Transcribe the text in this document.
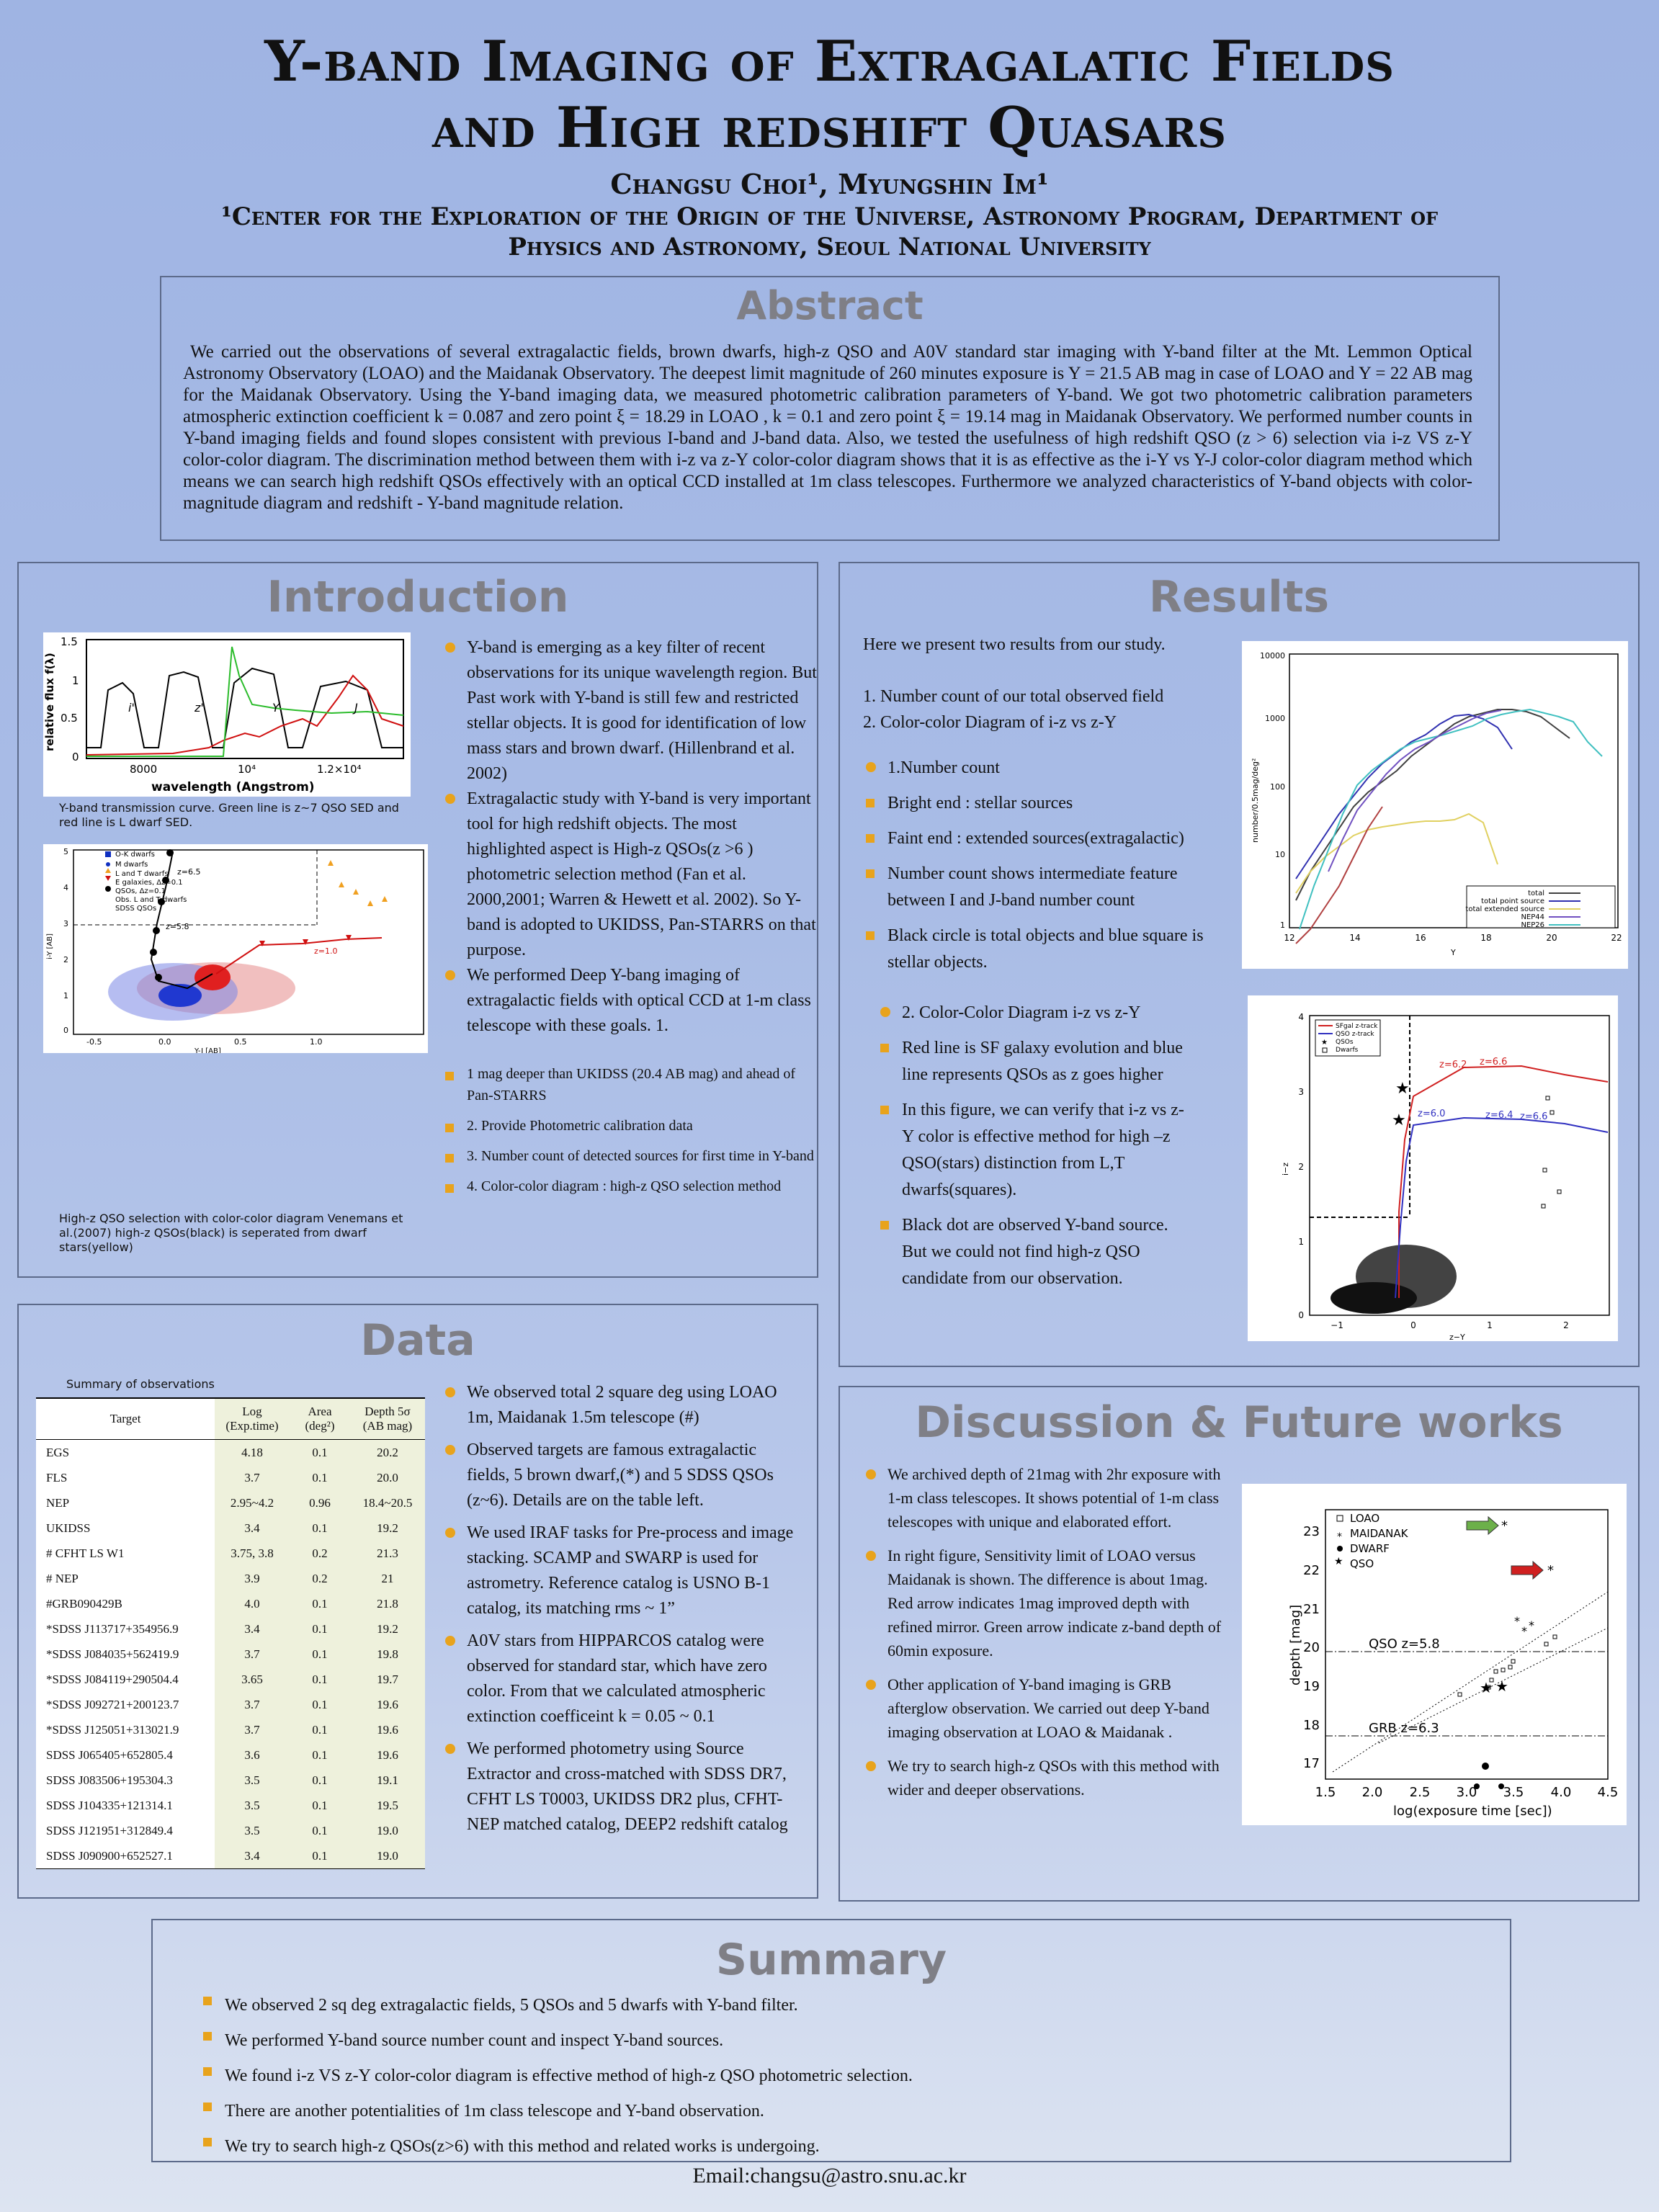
Y-band Imaging of Extragalatic Fields
and High redshift Quasars
Changsu Choi¹, Myungshin Im¹
¹Center for the Exploration of the Origin of the Universe, Astronomy Program, Department of
Physics and Astronomy, Seoul National University
Abstract
We carried out the observations of several extragalactic fields, brown dwarfs, high-z QSO and A0V standard star imaging with Y-band filter at the Mt. Lemmon Optical Astronomy Observatory (LOAO) and the Maidanak Observatory. The deepest limit magnitude of 260 minutes exposure is Y = 21.5 AB mag in case of LOAO and Y = 22 AB mag for the Maidanak Observatory. Using the Y-band imaging data, we measured photometric calibration parameters of Y-band. We got two photometric calibration parameters atmospheric extinction coefficient k = 0.087 and zero point ξ = 18.29 in LOAO , k = 0.1 and zero point ξ = 19.14 mag in Maidanak Observatory. We performed number counts in Y-band imaging fields and found slopes consistent with previous I-band and J-band data. Also, we tested the usefulness of high redshift QSO (z > 6) selection via i-z VS z-Y color-color diagram. The discrimination method between them with i-z va z-Y color-color diagram shows that it is as effective as the i-Y vs Y-J color-color diagram method which means we can search high redshift QSOs effectively with an optical CCD installed at 1m class telescopes. Furthermore we analyzed characteristics of Y-band objects with color-magnitude diagram and redshift - Y-band magnitude relation.
Introduction
i'	z'	Y	J
1.5
1
0.5
0
8000	10⁴	1.2×10⁴
wavelength (Angstrom)
relative flux f(λ)
Y-band transmission curve. Green line is z~7 QSO SED and red line is L dwarf SED.
O-K dwarfs
M dwarfs
L and T dwarfs
E galaxies, Δz=0.1
QSOs, Δz=0.1
Obs. L and T dwarfs
SDSS QSOs
z=6.5
z=5.8
z=1.0
5
4
3
2
1
0
-0.5	0.0	0.5	1.0
Y-J [AB]
i-Y [AB]
High-z QSO selection with color-color diagram Venemans et al.(2007) high-z QSOs(black) is seperated from dwarf stars(yellow)
Y-band is emerging as a key filter of recent observations for its unique wavelength region. But Past work with Y-band is still few and restricted stellar objects. It is good for identification of low mass stars and brown dwarf. (Hillenbrand et al. 2002)
Extragalactic study with Y-band is very important tool for high redshift objects. The most highlighted aspect is High-z QSOs(z >6 ) photometric selection method (Fan et al. 2000,2001; Warren & Hewett et al. 2002). So Y-band is adopted to UKIDSS, Pan-STARRS on that purpose.
We performed Deep Y-bang imaging of extragalactic fields with optical CCD at 1-m class telescope with these goals. 1.
1 mag deeper than UKIDSS (20.4 AB mag) and ahead of Pan-STARRS
2. Provide Photometric calibration data
3. Number count of detected sources for first time in Y-band
4. Color-color diagram : high-z QSO selection method
Data
Summary of observations
Target	Log (Exp.time)	Area (deg²)	Depth 5σ (AB mag)
EGS	4.18	0.1	20.2
FLS	3.7	0.1	20.0
NEP	2.95~4.2	0.96	18.4~20.5
UKIDSS	3.4	0.1	19.2
# CFHT LS W1	3.75, 3.8	0.2	21.3
# NEP	3.9	0.2	21
#GRB090429B	4.0	0.1	21.8
*SDSS J113717+354956.9	3.4	0.1	19.2
*SDSS J084035+562419.9	3.7	0.1	19.8
*SDSS J084119+290504.4	3.65	0.1	19.7
*SDSS J092721+200123.7	3.7	0.1	19.6
*SDSS J125051+313021.9	3.7	0.1	19.6
SDSS J065405+652805.4	3.6	0.1	19.6
SDSS J083506+195304.3	3.5	0.1	19.1
SDSS J104335+121314.1	3.5	0.1	19.5
SDSS J121951+312849.4	3.5	0.1	19.0
SDSS J090900+652527.1	3.4	0.1	19.0
We observed total 2 square deg using LOAO 1m, Maidanak 1.5m telescope (#)
Observed targets are famous extragalactic fields, 5 brown dwarf,(*) and 5 SDSS QSOs (z~6). Details are on the table left.
We used IRAF tasks for Pre-process and image stacking. SCAMP and SWARP is used for astrometry. Reference catalog is USNO B-1 catalog, its matching rms ~ 1”
A0V stars from HIPPARCOS catalog were observed for standard star, which have zero color. From that we calculated atmospheric extinction coefficeint k = 0.05 ~ 0.1
We performed photometry using Source Extractor and cross-matched with SDSS DR7, CFHT LS T0003, UKIDSS DR2 plus, CFHT-NEP matched catalog, DEEP2 redshift catalog
Results
Here we present two results from our study.
1. Number count of our total observed field
2. Color-color Diagram of i-z vs z-Y
1.Number count
Bright end : stellar sources
Faint end : extended sources(extragalactic)
Number count shows intermediate feature between I and J-band number count
Black circle is total objects and blue square is stellar objects.
2. Color-Color Diagram i-z vs z-Y
Red line is SF galaxy evolution and blue line represents QSOs as z goes higher
In this figure, we can verify that i-z vs z-Y color is effective method for high –z QSO(stars) distinction from L,T dwarfs(squares).
Black dot are observed Y-band source. But we could not find high-z QSO candidate from our observation.
total
total point source
total extended source
NEP44
NEP26
10000
1000
100
10
1
12	14	16	18	20	22
Y
number/0.5mag/deg²
★
★
★
SFgal z-track
QSO z-track
QSOs
Dwarfs
z=6.2 z=6.6
z=6.0	z=6.4 z=6.6
4
3
2
1
0
−1	0	1	2
z−Y
i−z
Discussion & Future works
We archived depth of 21mag with 2hr exposure with 1-m class telescopes. It shows potential of 1-m class telescopes with unique and elaborated effort.
In right figure, Sensitivity limit of LOAO versus Maidanak is shown. The difference is about 1mag. Red arrow indicates 1mag improved depth with refined mirror. Green arrow indicate z-band depth of 60min exposure.
Other application of Y-band imaging is GRB afterglow observation. We carried out deep Y-band imaging observation at LOAO & Maidanak .
We try to search high-z QSOs with this method with wider and deeper observations.
*
*
*
* *
★
★
*
★
LOAO
MAIDANAK
DWARF
QSO
QSO z=5.8
GRB z=6.3
23
22
21
20
19
18
17
1.5 2.0 2.5 3.0 3.5 4.0 4.5
log(exposure time [sec])
depth [mag]
Summary
We observed 2 sq deg extragalactic fields, 5 QSOs and 5 dwarfs with Y-band filter.
We performed Y-band source number count and inspect Y-band sources.
We found i-z VS z-Y color-color diagram is effective method of high-z QSO photometric selection.
There are another potentialities of 1m class telescope and Y-band observation.
We try to search high-z QSOs(z>6) with this method and related works is undergoing.
Email:changsu@astro.snu.ac.kr
